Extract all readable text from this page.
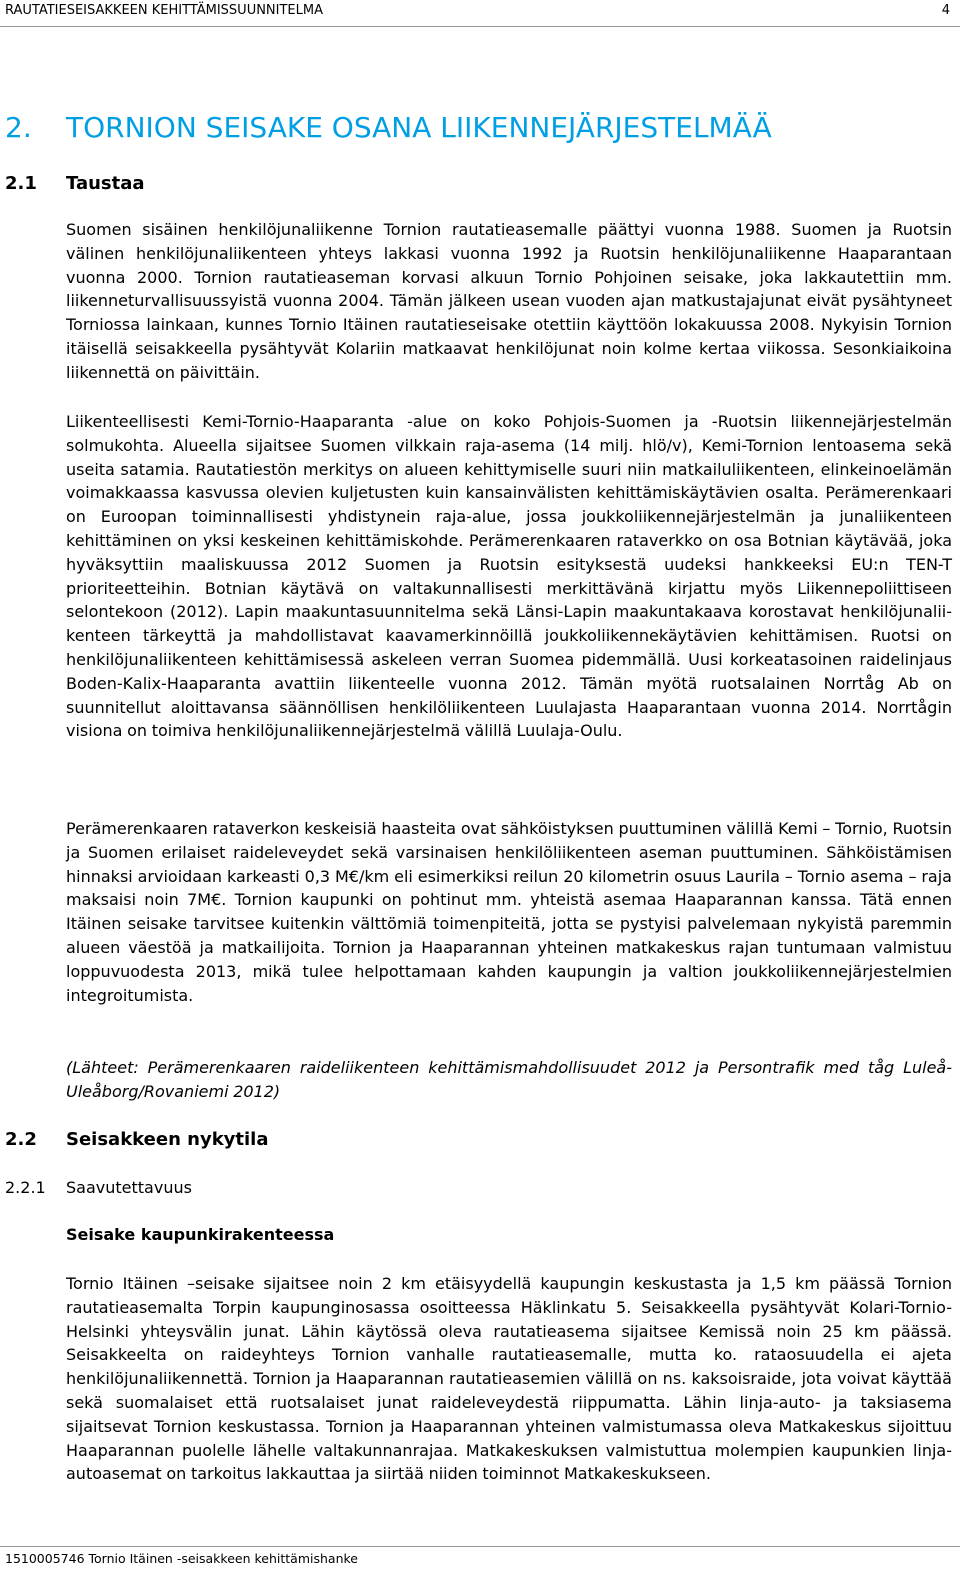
RAUTATIESEISAKKEEN KEHITTÄMISSUUNNITELMA	4
2. TORNION SEISAKE OSANA LIIKENNEJÄRJESTELMÄÄ
2.1 Taustaa
Suomen sisäinen henkilöjunaliikenne Tornion rautatieasemalle päättyi vuonna 1988. Suomen ja Ruotsin välinen henkilöjunaliikenteen yhteys lakkasi vuonna 1992 ja Ruotsin henkilöjunaliikenne Haaparantaan vuonna 2000. Tornion rautatieaseman korvasi alkuun Tornio Pohjoinen seisake, joka lakkautettiin mm. liikenneturvallisuussyistä vuonna 2004. Tämän jälkeen usean vuoden ajan matkustajajunat eivät pysähtyneet Torniossa lainkaan, kunnes Tornio Itäinen rautatieseisake otettiin käyttöön lokakuussa 2008. Nykyisin Tornion itäisellä seisakkeella pysähtyvät Kolariin matkaavat henkilöjunat noin kolme kertaa viikossa. Sesonkiaikoina liikennettä on päivittäin.
Liikenteellisesti Kemi-Tornio-Haaparanta -alue on koko Pohjois-Suomen ja -Ruotsin liikennejärjestelmän solmukohta. Alueella sijaitsee Suomen vilkkain raja-asema (14 milj. hlö/v), Kemi-Tornion lentoasema sekä useita satamia. Rautatiestön merkitys on alueen kehittymiselle suuri niin matkailuliikenteen, elinkeinoelämän voimakkaassa kasvussa olevien kuljetusten kuin kansainvälisten kehittämiskäytävien osalta. Perämerenkaari on Euroopan toiminnallisesti yhdistynein raja-alue, jossa joukkoliikennejärjestelmän ja junaliikenteen kehittäminen on yksi keskeinen kehittämiskohde. Perämerenkaaren rataverkko on osa Botnian käytävää, joka hyväksyttiin maaliskuussa 2012 Suomen ja Ruotsin esityksestä uudeksi hankkeeksi EU:n TEN-T prioriteetteihin. Botnian käytävä on valtakunnallisesti merkittävänä kirjattu myös Liikennepoliittiseen selontekoon (2012). Lapin maakuntasuunnitelma sekä Länsi-Lapin maakuntakaava korostavat henkilöjunaliikenteen tärkeyttä ja mahdollistavat kaavamerkinnöillä joukkoliikennekäytävien kehittämisen. Ruotsi on henkilöjunaliikenteen kehittämisessä askeleen verran Suomea pidemmällä. Uusi korkeatasoinen raidelinjaus Boden-Kalix-Haaparanta avattiin liikenteelle vuonna 2012. Tämän myötä ruotsalainen Norrtåg Ab on suunnitellut aloittavansa säännöllisen henkilöliikenteen Luulajasta Haaparantaan vuonna 2014. Norrtågin visiona on toimiva henkilöjunaliikennejärjestelmä välillä Luulaja-Oulu.
Perämerenkaaren rataverkon keskeisiä haasteita ovat sähköistyksen puuttuminen välillä Kemi – Tornio, Ruotsin ja Suomen erilaiset raideleveydet sekä varsinaisen henkilöliikenteen aseman puuttuminen. Sähköistämisen hinnaksi arvioidaan karkeasti 0,3 M€/km eli esimerkiksi reilun 20 kilometrin osuus Laurila – Tornio asema – raja maksaisi noin 7M€. Tornion kaupunki on pohtinut mm. yhteistä asemaa Haaparannan kanssa. Tätä ennen Itäinen seisake tarvitsee kuitenkin välttömiä toimenpiteitä, jotta se pystyisi palvelemaan nykyistä paremmin alueen väestöä ja matkailijoita. Tornion ja Haaparannan yhteinen matkakeskus rajan tuntumaan valmistuu loppuvuodesta 2013, mikä tulee helpottamaan kahden kaupungin ja valtion joukkoliikennejärjestelmien integroitumista.
(Lähteet: Perämerenkaaren raideliikenteen kehittämismahdollisuudet 2012 ja Persontrafik med tåg Luleå-Uleåborg/Rovaniemi 2012)
2.2 Seisakkeen nykytila
2.2.1 Saavutettavuus
Seisake kaupunkirakenteessa
Tornio Itäinen –seisake sijaitsee noin 2 km etäisyydellä kaupungin keskustasta ja 1,5 km päässä Tornion rautatieasemalta Torpin kaupunginosassa osoitteessa Häklinkatu 5. Seisakkeella pysähtyvät Kolari-Tornio-Helsinki yhteysvälin junat. Lähin käytössä oleva rautatieasema sijaitsee Kemissä noin 25 km päässä. Seisakkeelta on raideyhteys Tornion vanhalle rautatieasemalle, mutta ko. rataosuudella ei ajeta henkilöjunaliikennettä. Tornion ja Haaparannan rautatieasemien välillä on ns. kaksoisraide, jota voivat käyttää sekä suomalaiset että ruotsalaiset junat raideleveydestä riippumatta. Lähin linja-auto- ja taksiasema sijaitsevat Tornion keskustassa. Tornion ja Haaparannan yhteinen valmistumassa oleva Matkakeskus sijoittuu Haaparannan puolelle lähelle valtakunnanrajaa. Matkakeskuksen valmistuttua molempien kaupunkien linja-autoasemat on tarkoitus lakkauttaa ja siirtää niiden toiminnot Matkakeskukseen.
1510005746 Tornio Itäinen -seisakkeen kehittämishanke
